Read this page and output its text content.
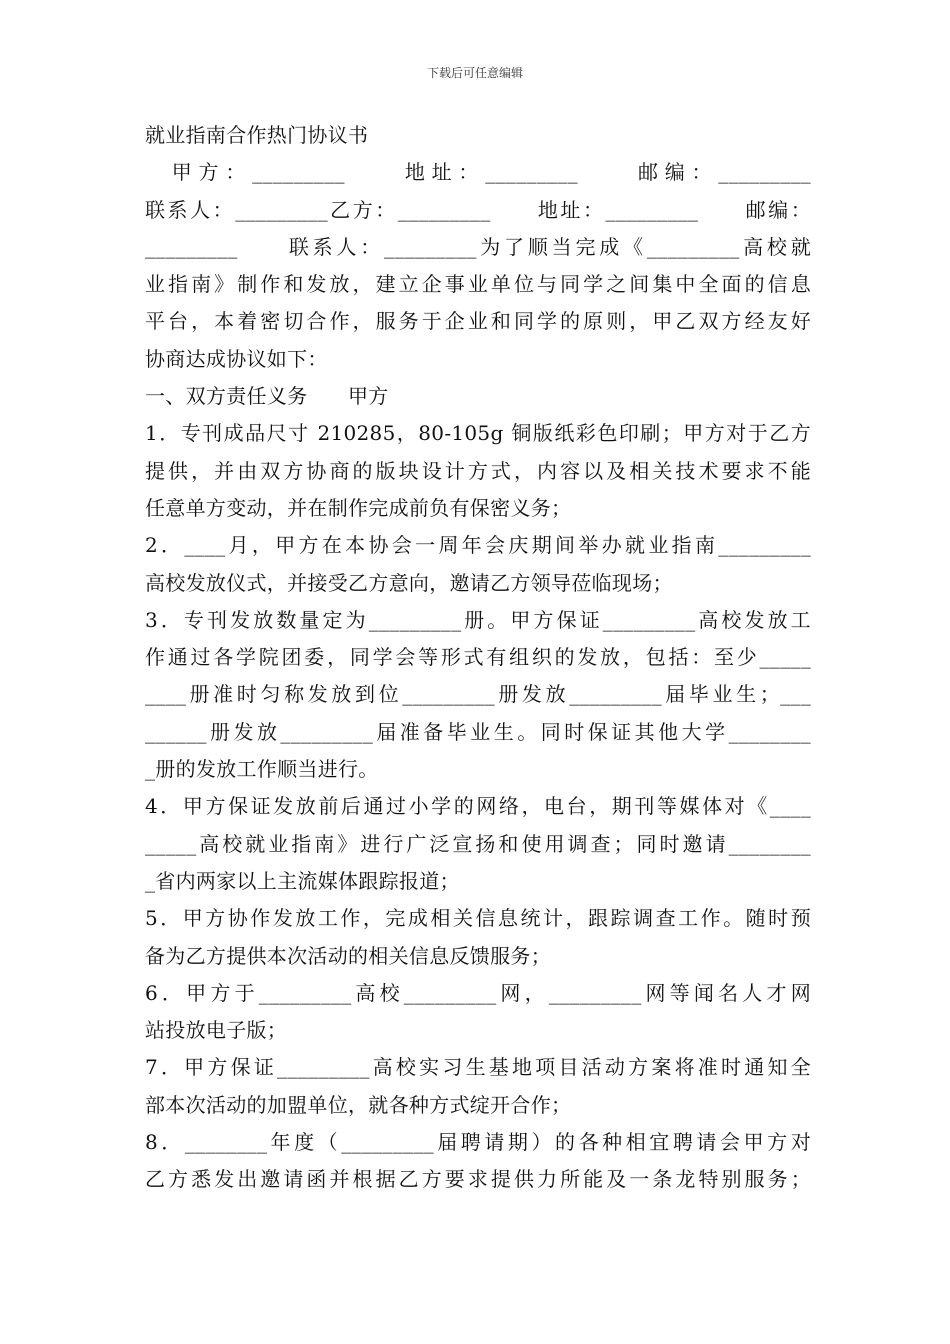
下载后可任意编辑
就业指南合作热门协议书
　甲方：_________　　地址：_________　　邮编：_________
联系人：_________乙方：_________　　地址：_________　　邮编：
_________　　联系人：_________为了顺当完成《_________高校就
业指南》制作和发放，建立企事业单位与同学之间集中全面的信息
平台，本着密切合作，服务于企业和同学的原则，甲乙双方经友好
协商达成协议如下：
一、双方责任义务　　甲方
1．专刊成品尺寸 210285，80-105g 铜版纸彩色印刷；甲方对于乙方
提供，并由双方协商的版块设计方式，内容以及相关技术要求不能
任意单方变动，并在制作完成前负有保密义务；
2．____月，甲方在本协会一周年会庆期间举办就业指南_________
高校发放仪式，并接受乙方意向，邀请乙方领导莅临现场；
3．专刊发放数量定为_________册。甲方保证_________高校发放工
作通过各学院团委，同学会等形式有组织的发放，包括：至少_____
____册准时匀称发放到位_________册发放_________届毕业生；___
______册发放_________届准备毕业生。同时保证其他大学________
_册的发放工作顺当进行。
4．甲方保证发放前后通过小学的网络，电台，期刊等媒体对《____
_____高校就业指南》进行广泛宣扬和使用调查；同时邀请________
_省内两家以上主流媒体跟踪报道；
5．甲方协作发放工作，完成相关信息统计，跟踪调查工作。随时预
备为乙方提供本次活动的相关信息反馈服务；
6．甲方于_________高校_________网，_________网等闻名人才网
站投放电子版；
7．甲方保证_________高校实习生基地项目活动方案将准时通知全
部本次活动的加盟单位，就各种方式绽开合作；
8．________年度（_________届聘请期）的各种相宜聘请会甲方对
乙方悉发出邀请函并根据乙方要求提供力所能及一条龙特别服务；
